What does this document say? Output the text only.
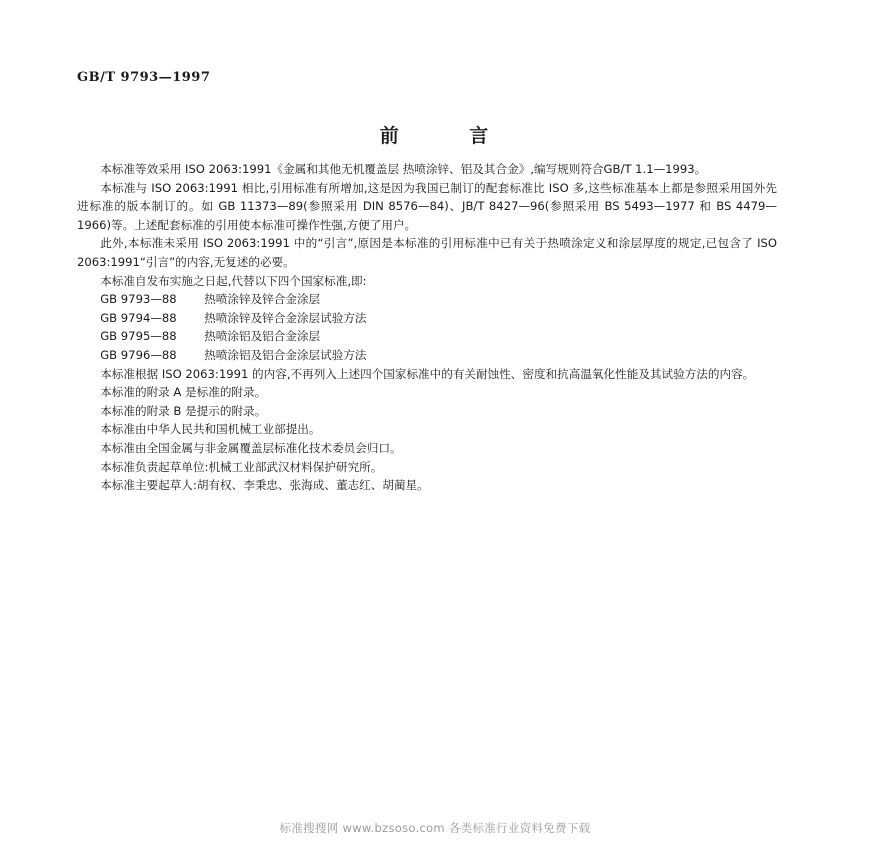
GB/T 9793—1997
前 言

本标准等效采用 ISO 2063:1991《金属和其他无机覆盖层 热喷涂锌、铝及其合金》,编写规则符合GB/T 1.1—1993。

本标准与 ISO 2063:1991 相比,引用标准有所增加,这是因为我国已制订的配套标准比 ISO 多,这些标准基本上都是参照采用国外先进标准的版本制订的。如 GB 11373—89(参照采用 DIN 8576—84)、JB/T 8427—96(参照采用 BS 5493—1977 和 BS 4479—1966)等。上述配套标准的引用使本标准可操作性强,方便了用户。

此外,本标准未采用 ISO 2063:1991 中的“引言”,原因是本标准的引用标准中已有关于热喷涂定义和涂层厚度的规定,已包含了 ISO 2063:1991“引言”的内容,无复述的必要。

本标准自发布实施之日起,代替以下四个国家标准,即:

GB 9793—88 热喷涂锌及锌合金涂层

GB 9794—88 热喷涂锌及锌合金涂层试验方法

GB 9795—88 热喷涂铝及铝合金涂层

GB 9796—88 热喷涂铝及铝合金涂层试验方法

本标准根据 ISO 2063:1991 的内容,不再列入上述四个国家标准中的有关耐蚀性、密度和抗高温氧化性能及其试验方法的内容。

本标准的附录 A 是标准的附录。

本标准的附录 B 是提示的附录。

本标准由中华人民共和国机械工业部提出。

本标准由全国金属与非金属覆盖层标准化技术委员会归口。

本标准负责起草单位:机械工业部武汉材料保护研究所。

本标准主要起草人:胡有权、李秉忠、张海成、董志红、胡蔺星。

标准搜搜网 www.bzsoso.com 各类标准行业资料免费下载
